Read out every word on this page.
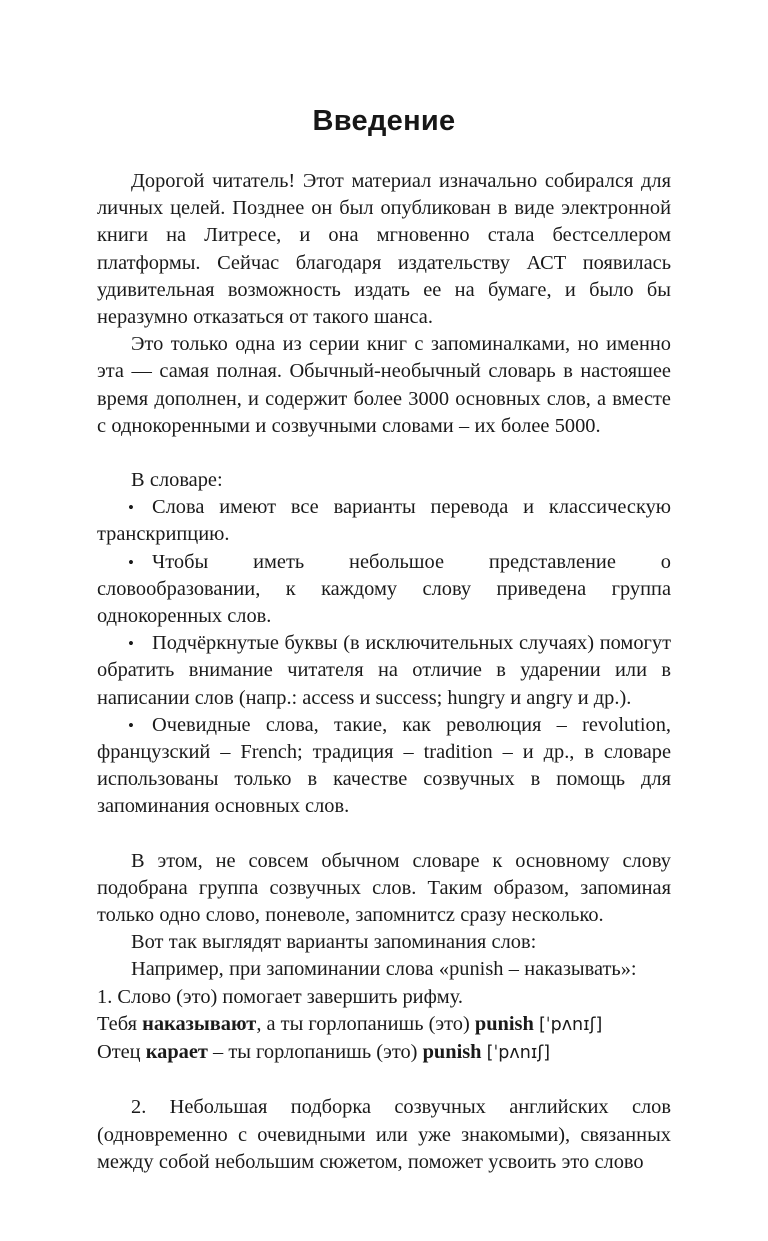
Введение

Дорогой читатель! Этот материал изначально собирался для личных целей. Позднее он был опубликован в виде электронной книги на Литресе, и она мгновенно стала бестселлером платформы. Сейчас благодаря издательству АСТ появилась удивительная возможность издать ее на бумаге, и было бы неразумно отказаться от такого шанса.

Это только одна из серии книг с запоминалками, но именно эта — самая полная. Обычный-необычный словарь в настояшее время дополнен, и содержит более 3000 основных слов, а вместе с однокоренными и созвучными словами – их более 5000.

В словаре:

• Слова имеют все варианты перевода и классическую транскрипцию.
• Чтобы иметь небольшое представление о словообразовании, к каждому слову приведена группа однокоренных слов.
• Подчёркнутые буквы (в исключительных случаях) помогут обратить внимание читателя на отличие в ударении или в написании слов (напр.: access и success; hungry и angry и др.).
• Очевидные слова, такие, как революция – revolution, французский – French; традиция – tradition – и др., в словаре использованы только в качестве созвучных в помощь для запоминания основных слов.

В этом, не совсем обычном словаре к основному слову подобрана группа созвучных слов. Таким образом, запоминая только одно слово, поневоле, запомнитсz сразу несколько.

Вот так выглядят варианты запоминания слов:

Например, при запоминании слова «punish – наказывать»:

1. Слово (это) помогает завершить рифму.

Тебя наказывают, а ты горлопанишь (это) punish [ˈpʌnɪʃ]

Отец карает – ты горлопанишь (это) punish [ˈpʌnɪʃ]

2. Небольшая подборка созвучных английских слов (одновременно с очевидными или уже знакомыми), связанных между собой небольшим сюжетом, поможет усвоить это слово
